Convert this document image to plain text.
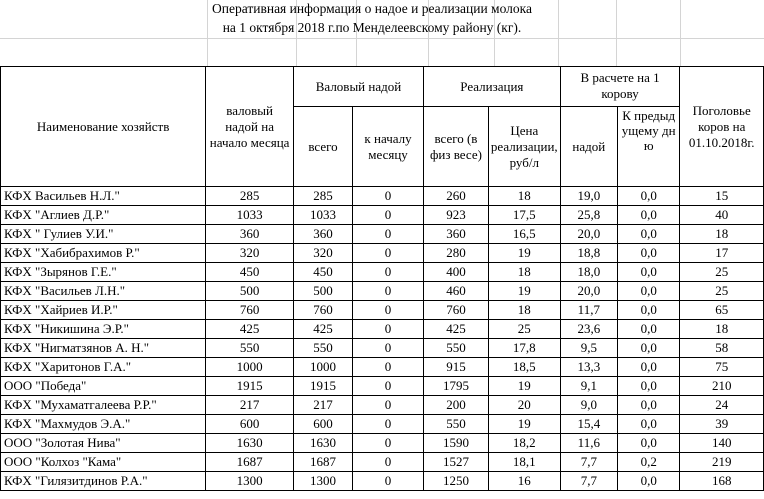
Оперативная информация о надое и реализации молока
на 1 октября 2018 г.по Менделеевскому району (кг).
Наименование хозяйств	валовый надой на начало месяца	Валовый надой		Реализация		В расчете на 1 корову		Поголовье коров на 01.10.2018г.
		всего	к началу месяцу	всего (в физ весе)	Цена реализации, руб/л	надой	К предыдущему дню	

КФХ Васильев Н.Л."	285	285	0	260	18	19,0	0,0	15
КФХ "Аглиев Д.Р."	1033	1033	0	923	17,5	25,8	0,0	40
КФХ " Гулиев У.И."	360	360	0	360	16,5	20,0	0,0	18
КФХ "Хабибрахимов Р."	320	320	0	280	19	18,8	0,0	17
КФХ "Зырянов Г.Е."	450	450	0	400	18	18,0	0,0	25
КФХ "Васильев Л.Н."	500	500	0	460	19	20,0	0,0	25
КФХ "Хайриев И.Р."	760	760	0	760	18	11,7	0,0	65
КФХ "Никишина Э.Р."	425	425	0	425	25	23,6	0,0	18
КФХ "Нигматзянов А. Н."	550	550	0	550	17,8	9,5	0,0	58
КФХ "Харитонов Г.А."	1000	1000	0	915	18,5	13,3	0,0	75
ООО "Победа"	1915	1915	0	1795	19	9,1	0,0	210
КФХ "Мухаматгалеева Р.Р."	217	217	0	200	20	9,0	0,0	24
КФХ "Махмудов Э.А."	600	600	0	550	19	15,4	0,0	39
ООО "Золотая Нива"	1630	1630	0	1590	18,2	11,6	0,0	140
ООО "Колхоз "Кама"	1687	1687	0	1527	18,1	7,7	0,2	219
КФХ "Гилязитдинов Р.А."	1300	1300	0	1250	16	7,7	0,0	168
